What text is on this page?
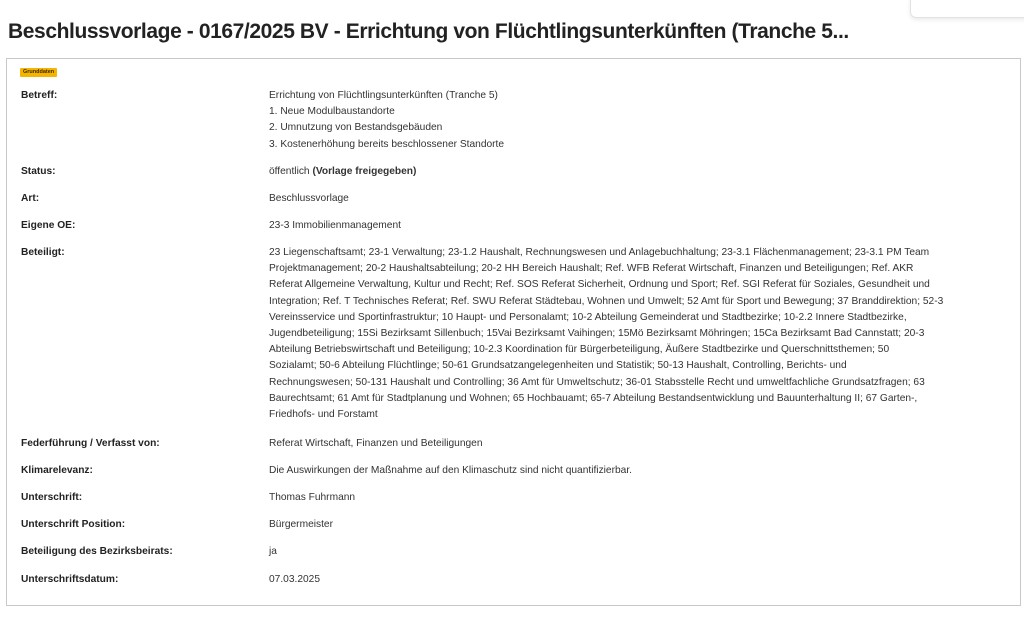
Beschlussvorlage - 0167/2025 BV - Errichtung von Flüchtlingsunterkünften (Tranche 5...
Grunddaten
Betreff:	Errichtung von Flüchtlingsunterkünften (Tranche 5)
1. Neue Modulbaustandorte
2. Umnutzung von Bestandsgebäuden
3. Kostenerhöhung bereits beschlossener Standorte
Status:	öffentlich (Vorlage freigegeben)
Art:	Beschlussvorlage
Eigene OE:	23-3 Immobilienmanagement
Beteiligt:	23 Liegenschaftsamt; 23-1 Verwaltung; 23-1.2 Haushalt, Rechnungswesen und Anlagebuchhaltung; 23-3.1 Flächenmanagement; 23-3.1 PM Team
Projektmanagement; 20-2 Haushaltsabteilung; 20-2 HH Bereich Haushalt; Ref. WFB Referat Wirtschaft, Finanzen und Beteiligungen; Ref. AKR
Referat Allgemeine Verwaltung, Kultur und Recht; Ref. SOS Referat Sicherheit, Ordnung und Sport; Ref. SGI Referat für Soziales, Gesundheit und
Integration; Ref. T Technisches Referat; Ref. SWU Referat Städtebau, Wohnen und Umwelt; 52 Amt für Sport und Bewegung; 37 Branddirektion; 52-3
Vereinsservice und Sportinfrastruktur; 10 Haupt- und Personalamt; 10-2 Abteilung Gemeinderat und Stadtbezirke; 10-2.2 Innere Stadtbezirke,
Jugendbeteiligung; 15Si Bezirksamt Sillenbuch; 15Vai Bezirksamt Vaihingen; 15Mö Bezirksamt Möhringen; 15Ca Bezirksamt Bad Cannstatt; 20-3
Abteilung Betriebswirtschaft und Beteiligung; 10-2.3 Koordination für Bürgerbeteiligung, Äußere Stadtbezirke und Querschnittsthemen; 50
Sozialamt; 50-6 Abteilung Flüchtlinge; 50-61 Grundsatzangelegenheiten und Statistik; 50-13 Haushalt, Controlling, Berichts- und
Rechnungswesen; 50-131 Haushalt und Controlling; 36 Amt für Umweltschutz; 36-01 Stabsstelle Recht und umweltfachliche Grundsatzfragen; 63
Baurechtsamt; 61 Amt für Stadtplanung und Wohnen; 65 Hochbauamt; 65-7 Abteilung Bestandsentwicklung und Bauunterhaltung II; 67 Garten-,
Friedhofs- und Forstamt
Federführung / Verfasst von:	Referat Wirtschaft, Finanzen und Beteiligungen
Klimarelevanz:	Die Auswirkungen der Maßnahme auf den Klimaschutz sind nicht quantifizierbar.
Unterschrift:	Thomas Fuhrmann
Unterschrift Position:	Bürgermeister
Beteiligung des Bezirksbeirats:	ja
Unterschriftsdatum:	07.03.2025
